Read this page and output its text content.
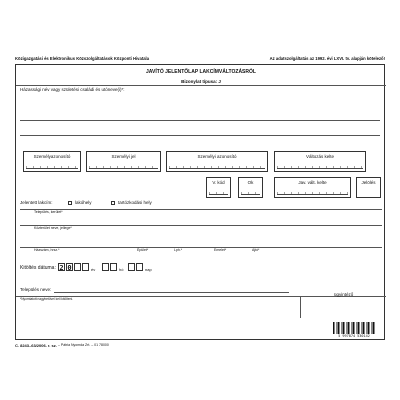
Közigazgatási és Elektronikus Közszolgáltatások Központi Hivatala	Az adatszolgáltatás az 1992. évi LXVI. tv. alapján kötelező!
JAVÍTÓ JELENTŐLAP LAKCÍMVÁLTOZÁSRÓL
Bizonylat típusa: J
Házassági név vagy születési családi és utóneve(i)*:
Személyazonosító	Személyi jel	Személyi azonosító	Változás kelte
V. kód	Ok	Jav. vált. kelte	Jelölés
Jelentett lakcím:	lakóhely	tartózkodási hely
Település, kerület*
Közterület neve, jellege*
Házszám, hrsz.*	Épület*	Lph.*	Emelet*	Ajtó*
Kitöltés dátuma: 2 0	év	hó	nap
Település neve:
*Nyomtatott nagybetűvel kell kitölteni.
ügyintéző
C. 8243–63/2006. r. sz. – Pátria Nyomda Zrt. – 01 78000
5 997874 530142
